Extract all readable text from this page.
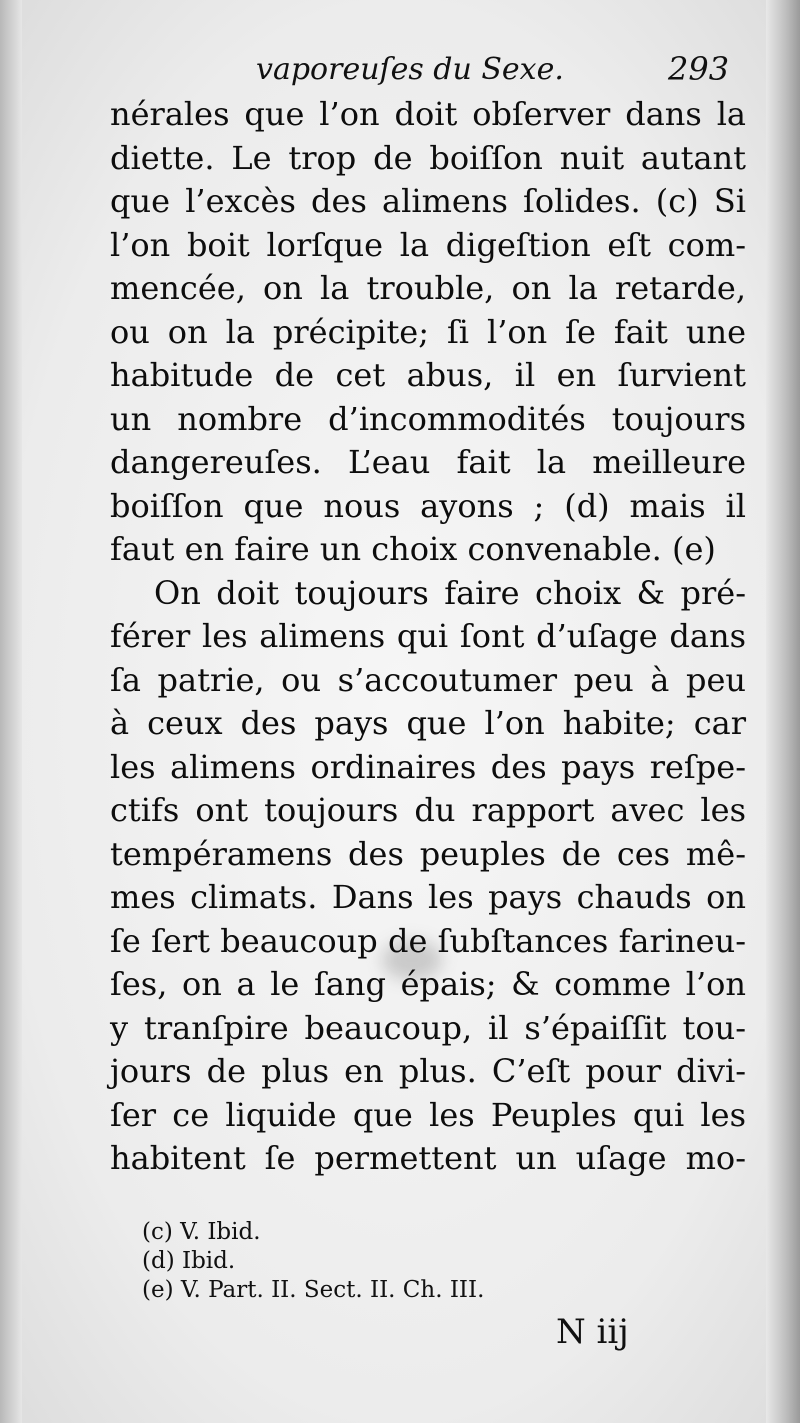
vaporeuſes du Sexe.	293
nérales que l’on doit obſerver dans la
diette. Le trop de boiſſon nuit autant
que l’excès des alimens ſolides. (c) Si
l’on boit lorſque la digeſtion eſt com-
mencée, on la trouble, on la retarde,
ou on la précipite; ſi l’on ſe fait une
habitude de cet abus, il en ſurvient
un nombre d’incommodités toujours
dangereuſes. L’eau fait la meilleure
boiſſon que nous ayons ; (d) mais il
faut en faire un choix convenable. (e)
On doit toujours faire choix & pré-
férer les alimens qui ſont d’uſage dans
ſa patrie, ou s’accoutumer peu à peu
à ceux des pays que l’on habite; car
les alimens ordinaires des pays reſpe-
ctifs ont toujours du rapport avec les
tempéramens des peuples de ces mê-
mes climats. Dans les pays chauds on
ſe ſert beaucoup de ſubſtances farineu-
ſes, on a le ſang épais; & comme l’on
y tranſpire beaucoup, il s’épaiſſit tou-
jours de plus en plus. C’eſt pour divi-
ſer ce liquide que les Peuples qui les
habitent ſe permettent un uſage mo-
(c) V. Ibid.
(d) Ibid.
(e) V. Part. II. Sect. II. Ch. III.
N iij
